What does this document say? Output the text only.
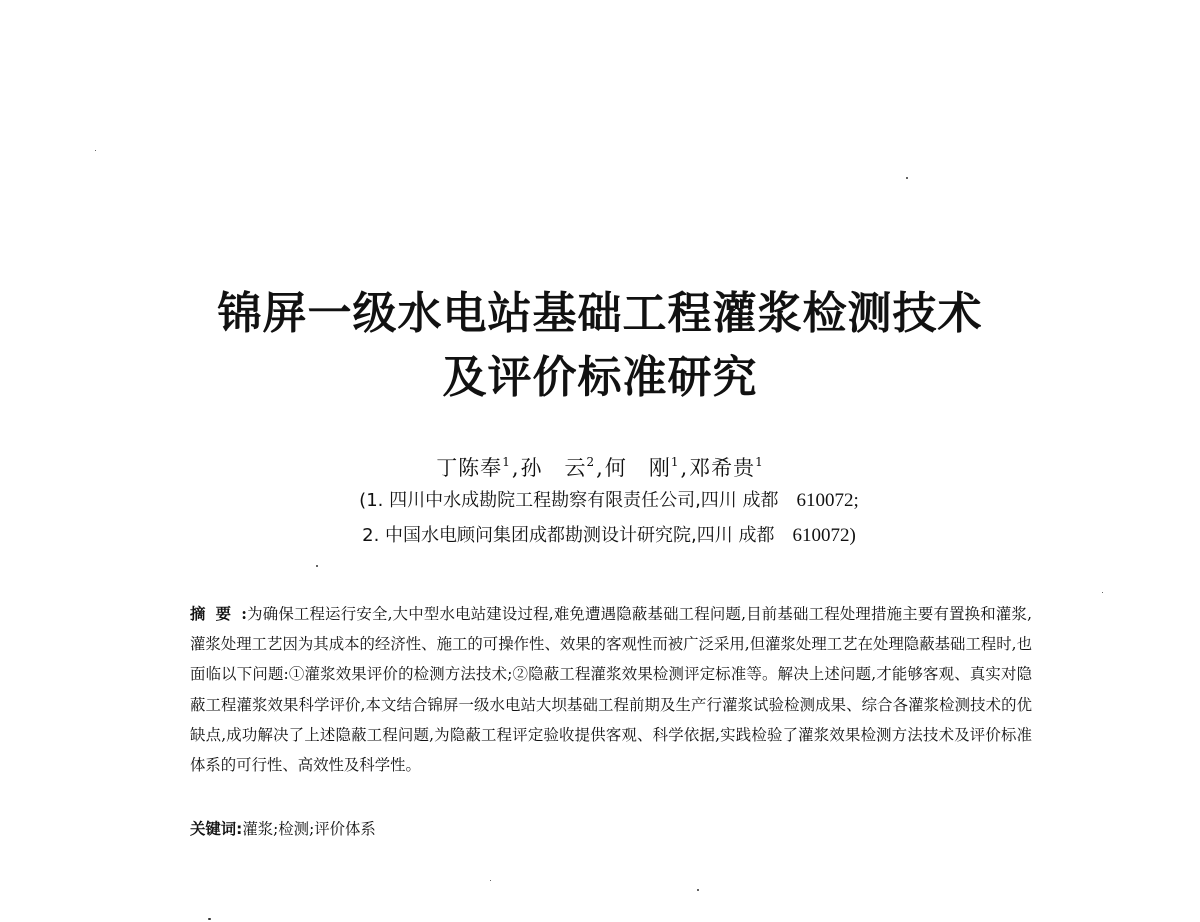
锦屏一级水电站基础工程灌浆检测技术
及评价标准研究
丁陈奉$^1$,孙　云$^2$,何　刚$^1$,邓希贵$^1$
(1. 四川中水成勘院工程勘察有限责任公司,四川 成都 610072;
2. 中国水电顾问集团成都勘测设计研究院,四川 成都 610072)
摘要:为确保工程运行安全,大中型水电站建设过程,难免遭遇隐蔽基础工程问题,目前基础工程处理措施主要有置换和灌浆,灌浆处理工艺因为其成本的经济性、施工的可操作性、效果的客观性而被广泛采用,但灌浆处理工艺在处理隐蔽基础工程时,也面临以下问题:①灌浆效果评价的检测方法技术;②隐蔽工程灌浆效果检测评定标准等。解决上述问题,才能够客观、真实对隐蔽工程灌浆效果科学评价,本文结合锦屏一级水电站大坝基础工程前期及生产行灌浆试验检测成果、综合各灌浆检测技术的优缺点,成功解决了上述隐蔽工程问题,为隐蔽工程评定验收提供客观、科学依据,实践检验了灌浆效果检测方法技术及评价标准体系的可行性、高效性及科学性。
关键词:灌浆;检测;评价体系
